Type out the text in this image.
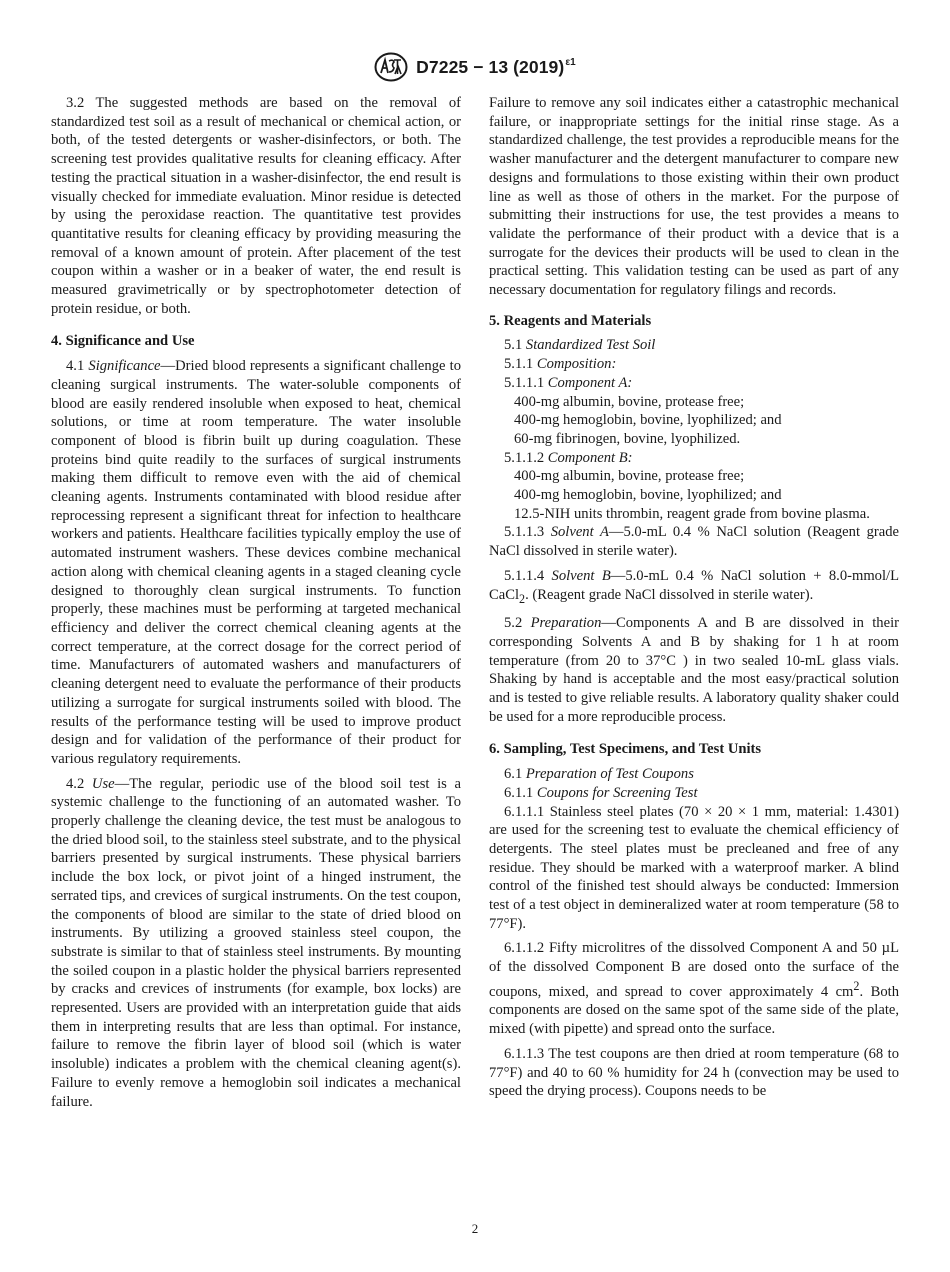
D7225 − 13 $(2019)^{\varepsilon 1}$

3.2 The suggested methods are based on the removal of standardized test soil as a result of mechanical or chemical action, or both, of the tested detergents or washer-disinfectors, or both. The screening test provides qualitative results for cleaning efficacy. After testing the practical situation in a washer-disinfector, the end result is visually checked for immediate evaluation. Minor residue is detected by using the peroxidase reaction. The quantitative test provides quantitative results for cleaning efficacy by providing measuring the removal of a known amount of protein. After placement of the test coupon within a washer or in a beaker of water, the end result is measured gravimetrically or by spectrophotometer detection of protein residue, or both.

4. Significance and Use

4.1 Significance—Dried blood represents a significant challenge to cleaning surgical instruments. The water-soluble components of blood are easily rendered insoluble when exposed to heat, chemical solutions, or time at room temperature. The water insoluble component of blood is fibrin built up during coagulation. These proteins bind quite readily to the surfaces of surgical instruments making them difficult to remove even with the aid of chemical cleaning agents. Instruments contaminated with blood residue after reprocessing represent a significant threat for infection to healthcare workers and patients. Healthcare facilities typically employ the use of automated instrument washers. These devices combine mechanical action along with chemical cleaning agents in a staged cleaning cycle designed to thoroughly clean surgical instruments. To function properly, these machines must be performing at targeted mechanical efficiency and deliver the correct chemical cleaning agents at the correct temperature, at the correct dosage for the correct period of time. Manufacturers of automated washers and manufacturers of cleaning detergent need to evaluate the performance of their products utilizing a surrogate for surgical instruments soiled with blood. The results of the performance testing will be used to improve product design and for validation of the performance of their product for various regulatory requirements.

4.2 Use—The regular, periodic use of the blood soil test is a systemic challenge to the functioning of an automated washer. To properly challenge the cleaning device, the test must be analogous to the dried blood soil, to the stainless steel substrate, and to the physical barriers presented by surgical instruments. These physical barriers include the box lock, or pivot joint of a hinged instrument, the serrated tips, and crevices of surgical instruments. On the test coupon, the components of blood are similar to the state of dried blood on instruments. By utilizing a grooved stainless steel coupon, the substrate is similar to that of stainless steel instruments. By mounting the soiled coupon in a plastic holder the physical barriers represented by cracks and crevices of instruments (for example, box locks) are represented. Users are provided with an interpretation guide that aids them in interpreting results that are less than optimal. For instance, failure to remove the fibrin layer of blood soil (which is water insoluble) indicates a problem with the chemical cleaning agent(s). Failure to evenly remove a hemoglobin soil indicates a mechanical failure.

Failure to remove any soil indicates either a catastrophic mechanical failure, or inappropriate settings for the initial rinse stage. As a standardized challenge, the test provides a reproducible means for the washer manufacturer and the detergent manufacturer to compare new designs and formulations to those existing within their own product line as well as those of others in the market. For the purpose of submitting their instructions for use, the test provides a means to validate the performance of their product with a device that is a surrogate for the devices their products will be used to clean in the practical setting. This validation testing can be used as part of any necessary documentation for regulatory filings and records.

5. Reagents and Materials

5.1 Standardized Test Soil

5.1.1 Composition:

5.1.1.1 Component A:

400-mg albumin, bovine, protease free;

400-mg hemoglobin, bovine, lyophilized; and

60-mg fibrinogen, bovine, lyophilized.

5.1.1.2 Component B:

400-mg albumin, bovine, protease free;

400-mg hemoglobin, bovine, lyophilized; and

12.5-NIH units thrombin, reagent grade from bovine plasma.

5.1.1.3 Solvent A—5.0-mL 0.4 % NaCl solution (Reagent grade NaCl dissolved in sterile water).

5.1.1.4 Solvent B—5.0-mL 0.4 % NaCl solution + 8.0-mmol/L CaCl$_2$. (Reagent grade NaCl dissolved in sterile water).

5.2 Preparation—Components A and B are dissolved in their corresponding Solvents A and B by shaking for 1 h at room temperature (from 20 to 37°C ) in two sealed 10-mL glass vials. Shaking by hand is acceptable and the most easy/practical solution and is tested to give reliable results. A laboratory quality shaker could be used for a more reproducible process.

6. Sampling, Test Specimens, and Test Units

6.1 Preparation of Test Coupons

6.1.1 Coupons for Screening Test

6.1.1.1 Stainless steel plates (70 × 20 × 1 mm, material: 1.4301) are used for the screening test to evaluate the chemical efficiency of detergents. The steel plates must be precleaned and free of any residue. They should be marked with a waterproof marker. A blind control of the finished test should always be conducted: Immersion test of a test object in demineralized water at room temperature (58 to 77°F).

6.1.1.2 Fifty microlitres of the dissolved Component A and 50 µL of the dissolved Component B are dosed onto the surface of the coupons, mixed, and spread to cover approximately 4 $cm^2$. Both components are dosed on the same spot of the same side of the plate, mixed (with pipette) and spread onto the surface.

6.1.1.3 The test coupons are then dried at room temperature (68 to 77°F) and 40 to 60 % humidity for 24 h (convection may be used to speed the drying process). Coupons needs to be

2
